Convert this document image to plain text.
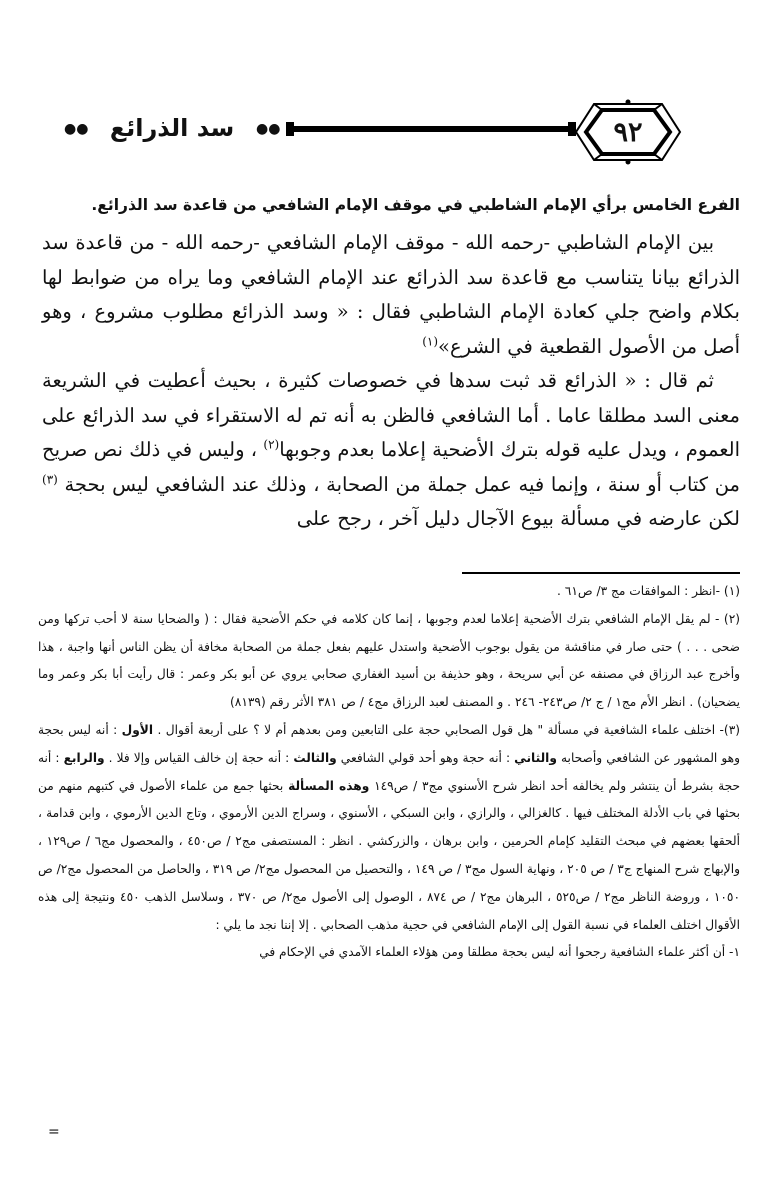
٩٢
●●
سد الذرائع
●●
الفرع الخامس برأي الإمام الشاطبي في موقف الإمام الشافعي من قاعدة سد الذرائع.

بين الإمام الشاطبي -رحمه الله - موقف الإمام الشافعي -رحمه الله - من قاعدة سد الذرائع بيانا يتناسب مع قاعدة سد الذرائع عند الإمام الشافعي وما يراه من ضوابط لها بكلام واضح جلي كعادة الإمام الشاطبي فقال : « وسد الذرائع مطلوب مشروع ، وهو أصل من الأصول القطعية في الشرع»$^{(١)}$

ثم قال : « الذرائع قد ثبت سدها في خصوصات كثيرة ، بحيث أعطيت في الشريعة معنى السد مطلقا عاما . أما الشافعي فالظن به أنه تم له الاستقراء في سد الذرائع على العموم ، ويدل عليه قوله بترك الأضحية إعلاما بعدم وجوبها$^{(٢)}$ ، وليس في ذلك نص صريح من كتاب أو سنة ، وإنما فيه عمل جملة من الصحابة ، وذلك عند الشافعي ليس بحجة $^{(٣)}$ لكن عارضه في مسألة بيوع الآجال دليل آخر ، رجح على

(١) -انظر : الموافقات مج ٣/ ص٦١ .

(٢) - لم يقل الإمام الشافعي بترك الأضحية إعلاما لعدم وجوبها ، إنما كان كلامه في حكم الأضحية فقال : ( والضحايا سنة لا أحب تركها ومن ضحى . . . ) حتى صار في مناقشة من يقول بوجوب الأضحية واستدل عليهم بفعل جملة من الصحابة مخافة أن يظن الناس أنها واجبة ، هذا وأخرج عبد الرزاق في مصنفه عن أبي سريحة ، وهو حذيفة بن أسيد الغفاري صحابي يروي عن أبو بكر وعمر : قال رأيت أبا بكر وعمر وما يضحيان) . انظر الأم مج١ / ج ٢/ ص٢٤٣- ٢٤٦ . و المصنف لعبد الرزاق مج٤ / ص ٣٨١ الأثر رقم (٨١٣٩)

(٣)- اختلف علماء الشافعية في مسألة " هل قول الصحابي حجة على التابعين ومن بعدهم أم لا ؟ على أربعة أقوال . الأول : أنه ليس بحجة وهو المشهور عن الشافعي وأصحابه والثاني : أنه حجة وهو أحد قولي الشافعي والثالث : أنه حجة إن خالف القياس وإلا فلا . والرابع : أنه حجة بشرط أن ينتشر ولم يخالفه أحد انظر شرح الأسنوي مج٣ / ص١٤٩ وهذه المسألة بحثها جمع من علماء الأصول في كتبهم منهم من بحثها في باب الأدلة المختلف فيها . كالغزالي ، والرازي ، وابن السبكي ، الأسنوي ، وسراج الدين الأرموي ، وتاج الدين الأرموي ، وابن قدامة ، ألحقها بعضهم في مبحث التقليد كإمام الحرمين ، وابن برهان ، والزركشي . انظر : المستصفى مج٢ / ص٤٥٠ ، والمحصول مج٦ / ص١٢٩ ، والإبهاج شرح المنهاج ج٣ / ص ٢٠٥ ، ونهاية السول مج٣ / ص ١٤٩ ، والتحصيل من المحصول مج٢/ ص ٣١٩ ، والحاصل من المحصول مج٢/ ص ١٠٥٠ ، وروضة الناظر مج٢ / ص٥٢٥ ، البرهان مج٢ / ص ٨٧٤ ، الوصول إلى الأصول مج٢/ ص ٣٧٠ ، وسلاسل الذهب ٤٥٠ ونتيجة إلى هذه الأقوال اختلف العلماء في نسبة القول إلى الإمام الشافعي في حجية مذهب الصحابي . إلا إننا نجد ما يلي :

١- أن أكثر علماء الشافعية رجحوا أنه ليس بحجة مطلقا ومن هؤلاء العلماء الآمدي في الإحكام في

=
